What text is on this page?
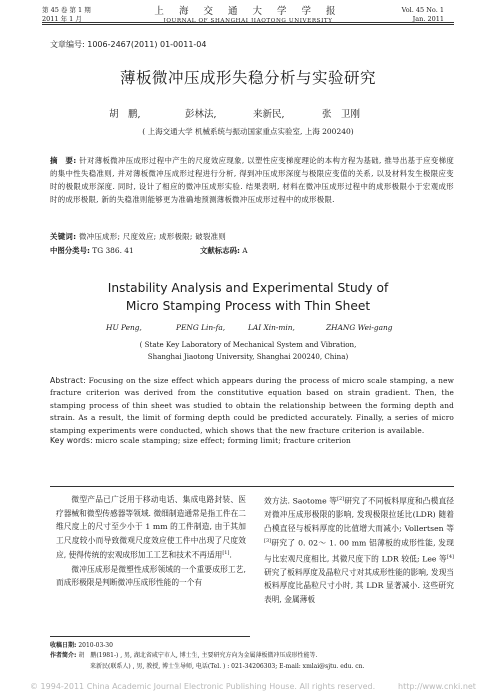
第 45 卷 第 1 期
2011 年 1 月
上 海 交 通 大 学 学 报
JOURNAL OF SHANGHAI JIAOTONG UNIVERSITY
Vol. 45 No. 1
Jan. 2011
文章编号: 1006-2467(2011) 01-0011-04
薄板微冲压成形失稳分析与实验研究
胡　鹏,	彭林法,	来新民,	张　卫刚
( 上海交通大学 机械系统与振动国家重点实验室, 上海 200240)
摘　要: 针对薄板微冲压成形过程中产生的尺度效应现象, 以塑性应变梯度理论的本构方程为基础, 推导出基于应变梯度的集中性失稳准则, 并对薄板微冲压成形过程进行分析, 得到冲压成形深度与极限应变值的关系, 以及材料发生极限应变时的极限成形深度. 同时, 设计了相应的微冲压成形实验. 结果表明, 材料在微冲压成形过程中的成形极限小于宏观成形时的成形极限, 新的失稳准则能够更为准确地预测薄板微冲压成形过程中的成形极限.
关键词: 微冲压成形; 尺度效应; 成形极限; 破裂准则
中图分类号: TG 386. 41	文献标志码: A
Instability Analysis and Experimental Study of
Micro Stamping Process with Thin Sheet
HU Peng,	PENG Lin-fa,	LAI Xin-min,	ZHANG Wei-gang
( State Key Laboratory of Mechanical System and Vibration,
Shanghai Jiaotong University, Shanghai 200240, China)
Abstract: Focusing on the size effect which appears during the process of micro scale stamping, a new fracture criterion was derived from the constitutive equation based on strain gradient. Then, the stamping process of thin sheet was studied to obtain the relationship between the forming depth and strain. As a result, the limit of forming depth could be predicted accurately. Finally, a series of micro stamping experiments were conducted, which shows that the new fracture criterion is available.
Key words: micro scale stamping; size effect; forming limit; fracture criterion

微型产品已广泛用于移动电话、集成电路封装、医疗器械和微型传感器等领域. 微细制造通常是指工件在二维尺度上的尺寸至少小于 1 mm 的工件制造, 由于其加工尺度较小而导致微观尺度效应使工件中出现了尺度效应, 使得传统的宏观成形加工工艺和技术不再适用[1].

微冲压成形是微塑性成形领域的一个重要成形工艺, 而成形极限是判断微冲压成形性能的一个有

效方法. Saotome 等[2]研究了不同板料厚度和凸模直径对微冲压成形极限的影响, 发现极限拉延比(LDR) 随着凸模直径与板料厚度的比值增大而减小; Vollertsen 等[3]研究了 0. 02～ 1. 00 mm 铝薄板的成形性能, 发现与比宏观尺度相比, 其微尺度下的 LDR 较低; Lee 等[4]研究了板料厚度及晶粒尺寸对其成形性能的影响, 发现当板料厚度比晶粒尺寸小时, 其 LDR 显著减小. 这些研究表明, 金属薄板

收稿日期: 2010-03-30
作者简介: 胡　鹏(1981-) , 男, 湖北省咸宁市人, 博士生, 主要研究方向为金属薄板微冲压成形性能等.
来新民(联系人) , 男, 教授, 博士生导师, 电话(Tel. ) : 021-34206303; E-mail: xmlai@sjtu. edu. cn.
© 1994-2011 China Academic Journal Electronic Publishing House. All rights reserved.	http://www.cnki.net
